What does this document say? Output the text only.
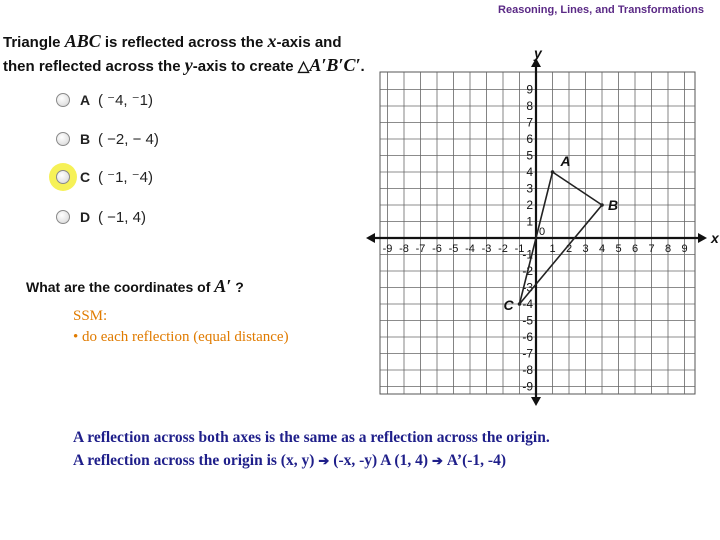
Reasoning, Lines, and Transformations
Triangle ABC is reflected across the x-axis and
then reflected across the y-axis to create △A′B′C′.
A ( ⁻4, ⁻1)
B ( −2, − 4)
C ( ⁻1, ⁻4)
D ( −1, 4)
What are the coordinates of A′ ?
SSM:
• do each reflection (equal distance)
x
y
-9 -8 -7 -6 -5 -4 -3 -2 -1 1 2 3 4 5 6 7 8 9
-9
-8
-7
-6
-5
-4
-3
-2
-1
1
2
3
4
5
6
7
8
9
0
A
B
C
A reflection across both axes is the same as a reflection across the origin.
A reflection across the origin is (x, y) ➔ (-x, -y) A (1, 4) ➔ A’(-1, -4)
